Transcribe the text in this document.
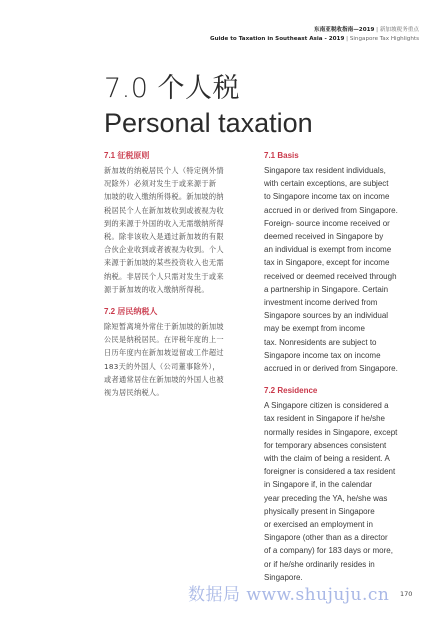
东南亚税收指南—2019 | 新加坡税务重点
Guide to Taxation in Southeast Asia - 2019 | Singapore Tax Highlights
7.0 个人税
Personal taxation
7.1 征税原则
新加坡的纳税居民个人（特定例外情
况除外）必须对发生于或来源于新
加坡的收入缴纳所得税。新加坡的纳
税居民个人在新加坡收到或被视为收
到的来源于外国的收入无需缴纳所得
税。除非该收入是通过新加坡的有限
合伙企业收到或者被视为收到。个人
来源于新加坡的某些投资收入也无需
纳税。非居民个人只需对发生于或来
源于新加坡的收入缴纳所得税。
7.2 居民纳税人
除短暂离境外常住于新加坡的新加坡
公民是纳税居民。在评税年度的上一
日历年度内在新加坡逗留或工作超过
183天的外国人（公司董事除外），
或者通常居住在新加坡的外国人也被
视为居民纳税人。
7.1 Basis
Singapore tax resident individuals,
with certain exceptions, are subject
to Singapore income tax on income
accrued in or derived from Singapore.
Foreign- source income received or
deemed received in Singapore by
an individual is exempt from income
tax in Singapore, except for income
received or deemed received through
a partnership in Singapore. Certain
investment income derived from
Singapore sources by an individual
may be exempt from income
tax. Nonresidents are subject to
Singapore income tax on income
accrued in or derived from Singapore.
7.2 Residence
A Singapore citizen is considered a
tax resident in Singapore if he/she
normally resides in Singapore, except
for temporary absences consistent
with the claim of being a resident. A
foreigner is considered a tax resident
in Singapore if, in the calendar
year preceding the YA, he/she was
physically present in Singapore
or exercised an employment in
Singapore (other than as a director
of a company) for 183 days or more,
or if he/she ordinarily resides in
Singapore.
数据局 www.shujuju.cn 170
